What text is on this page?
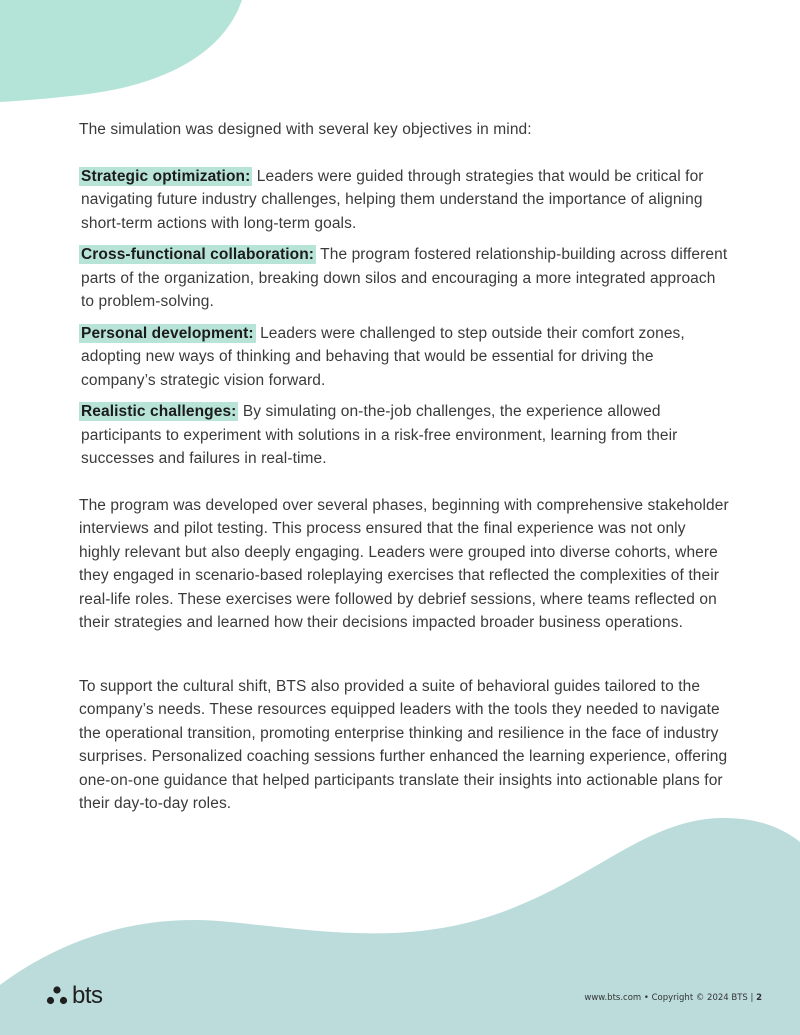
The simulation was designed with several key objectives in mind:

Strategic optimization: Leaders were guided through strategies that would be critical for navigating future industry challenges, helping them understand the importance of aligning short-term actions with long-term goals.
Cross-functional collaboration: The program fostered relationship-building across different parts of the organization, breaking down silos and encouraging a more integrated approach to problem-solving.
Personal development: Leaders were challenged to step outside their comfort zones, adopting new ways of thinking and behaving that would be essential for driving the company’s strategic vision forward.
Realistic challenges: By simulating on-the-job challenges, the experience allowed participants to experiment with solutions in a risk-free environment, learning from their successes and failures in real-time.

The program was developed over several phases, beginning with comprehensive stakeholder interviews and pilot testing. This process ensured that the final experience was not only highly relevant but also deeply engaging. Leaders were grouped into diverse cohorts, where they engaged in scenario-based roleplaying exercises that reflected the complexities of their real-life roles. These exercises were followed by debrief sessions, where teams reflected on their strategies and learned how their decisions impacted broader business operations.

To support the cultural shift, BTS also provided a suite of behavioral guides tailored to the company’s needs. These resources equipped leaders with the tools they needed to navigate the operational transition, promoting enterprise thinking and resilience in the face of industry surprises. Personalized coaching sessions further enhanced the learning experience, offering one-on-one guidance that helped participants translate their insights into actionable plans for their day-to-day roles.

bts	www.bts.com • Copyright © 2024 BTS | 2
